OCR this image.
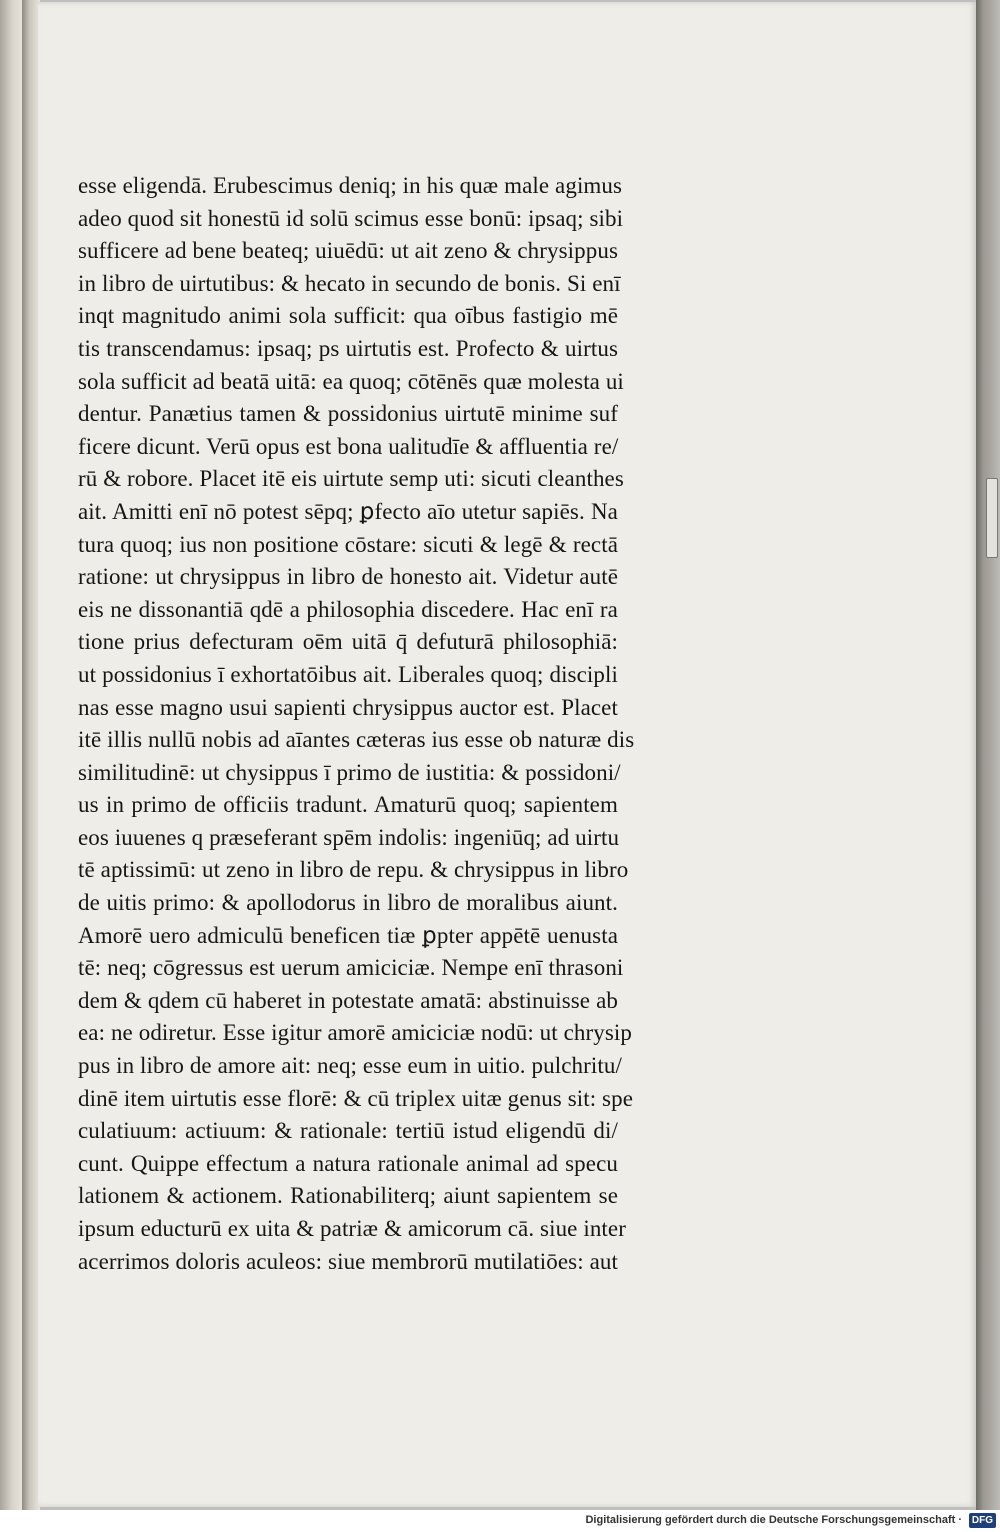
esse eligendā. Erubescimus deniq; in his quæ male agimus
adeo quod sit honestū id solū scimus esse bonū: ipsaq; sibi
sufficere ad bene beateq; uiuēdū: ut ait zeno & chrysippus
in libro de uirtutibus: & hecato in secundo de bonis. Si enī
inqt magnitudo animi sola sufficit: qua oībus fastigio mē
tis transcendamus: ipsaq; ps uirtutis est. Profecto & uirtus
sola sufficit ad beatā uitā: ea quoq; cōtēnēs quæ molesta ui
dentur. Panætius tamen & possidonius uirtutē minime suf
ficere dicunt. Verū opus est bona ualitudīe & affluentia re/
rū & robore. Placet itē eis uirtute semp uti: sicuti cleanthes
ait. Amitti enī nō potest sēpq; ꝑfecto aīo utetur sapiēs. Na
tura quoq; ius non positione cōstare: sicuti & legē & rectā
ratione: ut chrysippus in libro de honesto ait. Videtur autē
eis ne dissonantiā qdē a philosophia discedere. Hac enī ra
tione prius defecturam oēm uitā q̄ defuturā philosophiā:
ut possidonius ī exhortatōibus ait. Liberales quoq; discipli
nas esse magno usui sapienti chrysippus auctor est. Placet
itē illis nullū nobis ad aīantes cæteras ius esse ob naturæ dis
similitudinē: ut chysippus ī primo de iustitia: & possidoni/
us in primo de officiis tradunt. Amaturū quoq; sapientem
eos iuuenes q præseferant spēm indolis: ingeniūq; ad uirtu
tē aptissimū: ut zeno in libro de repu. & chrysippus in libro
de uitis primo: & apollodorus in libro de moralibus aiunt.
Amorē uero admiculū beneficen tiæ ꝑpter appētē uenusta
tē: neq; cōgressus est uerum amiciciæ. Nempe enī thrasoni
dem & qdem cū haberet in potestate amatā: abstinuisse ab
ea: ne odiretur. Esse igitur amorē amiciciæ nodū: ut chrysip
pus in libro de amore ait: neq; esse eum in uitio. pulchritu/
dinē item uirtutis esse florē: & cū triplex uitæ genus sit: spe
culatiuum: actiuum: & rationale: tertiū istud eligendū di/
cunt. Quippe effectum a natura rationale animal ad specu
lationem & actionem. Rationabiliterq; aiunt sapientem se
ipsum educturū ex uita & patriæ & amicorum cā. siue inter
acerrimos doloris aculeos: siue membrorū mutilatiōes: aut
Digitalisierung gefördert durch die Deutsche Forschungsgemeinschaft · DFG
